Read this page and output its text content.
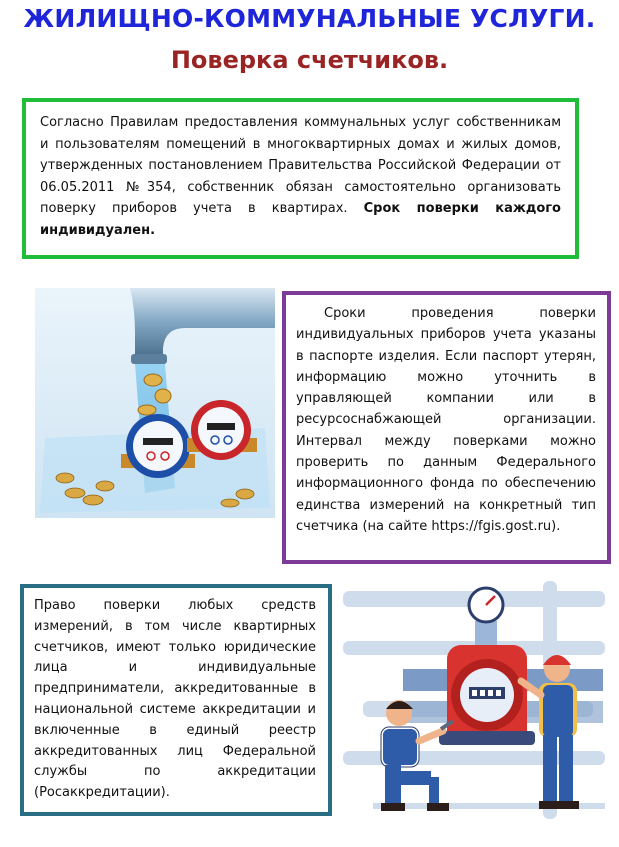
ЖИЛИЩНО-КОММУНАЛЬНЫЕ УСЛУГИ.
Поверка счетчиков.

Согласно Правилам предоставления коммунальных услуг собственникам и пользователям помещений в многоквартирных домах и жилых домов, утвержденных постановлением Правительства Российской Федерации от 06.05.2011 №354, собственник обязан самостоятельно организовать поверку приборов учета в квартирах. Срок поверки каждого индивидуален.

Сроки проведения поверки индивидуальных приборов учета указаны в паспорте изделия. Если паспорт утерян, информацию можно уточнить в управляющей компании или в ресурсоснабжающей организации. Интервал между поверками можно проверить по данным Федерального информационного фонда по обеспечению единства измерений на конкретный тип счетчика (на сайте https://fgis.gost.ru).

Право поверки любых средств измерений, в том числе квартирных счетчиков, имеют только юридические лица и индивидуальные предприниматели, аккредитованные в национальной системе аккредитации и включенные в единый реестр аккредитованных лиц Федеральной службы по аккредитации (Росаккредитации).
